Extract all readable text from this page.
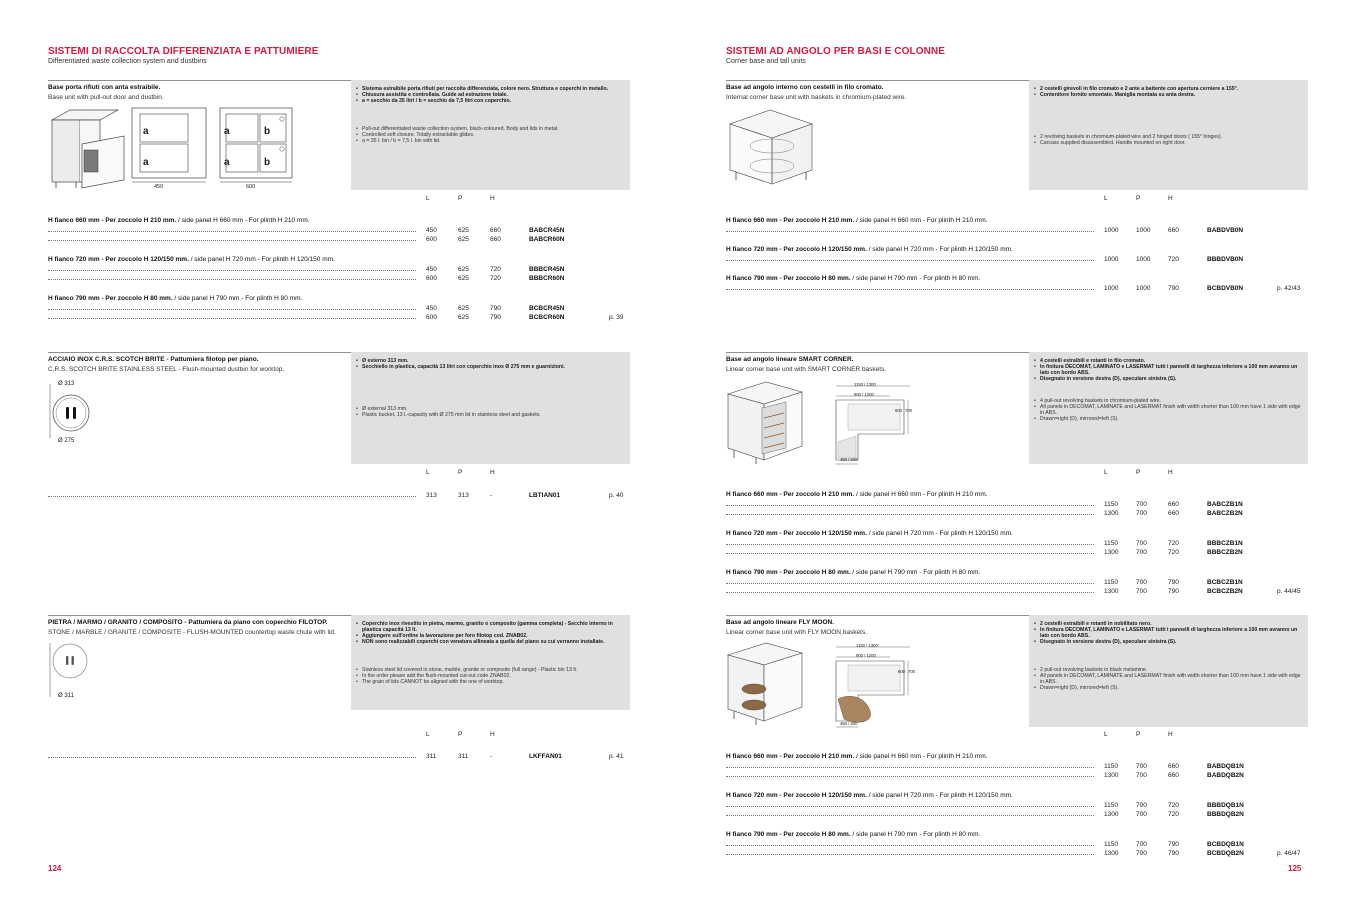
SISTEMI DI RACCOLTA DIFFERENZIATA E PATTUMIERE
Differentiated waste collection system and dustbins
Base porta rifiuti con anta estraibile.
Base unit with pull-out door and dustbin.
a
a
450
a	b
a	b
600
• Sistema estraibile porta rifiuti per raccolta differenziata, colore nero. Struttura e coperchi in metallo.
• Chiusura assistita e controllata. Guide ad estrazione totale.
• a = secchio da 35 litri / b = secchio da 7,5 litri con coperchio.
• Pull-out differentiated waste collection system, black-coloured. Body and lids in metal.
• Controlled soft closure. Totally extractable glides.
• a = 35 l. bin / b = 7,5 l. bin with lid.
L	P	H
H fianco 660 mm - Per zoccolo H 210 mm. / side panel H 660 mm - For plinth H 210 mm.
450	625	660	BABCR45N
600	625	660	BABCR60N
H fianco 720 mm - Per zoccolo H 120/150 mm. / side panel H 720 mm - For plinth H 120/150 mm.
450	625	720	BBBCR45N
600	625	720	BBBCR60N
H fianco 790 mm - Per zoccolo H 80 mm. / side panel H 790 mm - For plinth H 80 mm.
450	625	790	BCBCR45N
600	625	790	BCBCR60N	p. 39
ACCIAIO INOX C.R.S. SCOTCH BRITE - Pattumiera filotop per piano.
C.R.S. SCOTCH BRITE STAINLESS STEEL - Flush-mounted dustbin for worktop.
Ø 313
Ø 275
• Ø esterno 313 mm.
• Secchiello in plastica, capacità 13 litri con coperchio inox Ø 275 mm e guarnizioni.
• Ø external 313 mm.
• Plastic bucket, 13 l.-capacity with Ø 275 mm lid in stainless steel and gaskets.
L	P	H
313	313	-	LBTIAN01	p. 40
PIETRA / MARMO / GRANITO / COMPOSITO - Pattumiera da piano con coperchio FILOTOP.
STONE / MARBLE / GRANITE / COMPOSITE - FLUSH-MOUNTED countertop waste chute with lid.
Ø 311
• Coperchio inox rivestito in pietra, marmo, granito o composito (gamma completa) - Secchio interno in plastica capacità 13 lt.
• Aggiungere sull'ordine la lavorazione per foro filotop cod. ZNAB02.
• NON sono realizzabili coperchi con venatura allineata a quella del piano su cui verranno installate.
• Stainless steel lid covered in stone, marble, granite or composite (full range) - Plastic bin 13 lt.
• In the order please add the flush-mounted cut-out code ZNAB02.
• The grain of lids CANNOT be aligned with the one of worktop.
L	P	H
311	311	-	LKFFAN01	p. 41
124
SISTEMI AD ANGOLO PER BASI E COLONNE
Corner base and tall units
Base ad angolo interno con cestelli in filo cromato.
Internal corner base unit with baskets in chromium-plated wire.
• 2 cestelli girevoli in filo cromato e 2 ante a battente con apertura cerniere a 155°.
• Contenitore fornito smontato. Maniglia montata su anta destra.
• 2 revolving baskets in chromium-plated wire and 2 hinged doors ( 155° hinges).
• Carcass supplied disassembled. Handle mounted on right door.
L	P	H
H fianco 660 mm - Per zoccolo H 210 mm. / side panel H 660 mm - For plinth H 210 mm.
1000	1000	660	BABDVB0N
H fianco 720 mm - Per zoccolo H 120/150 mm. / side panel H 720 mm - For plinth H 120/150 mm.
1000	1000	720	BBBDVB0N
H fianco 790 mm - Per zoccolo H 80 mm. / side panel H 790 mm - For plinth H 80 mm.
1000	1000	790	BCBDVB0N	p. 42/43
Base ad angolo lineare SMART CORNER.
Linear corner base unit with SMART CORNER baskets.
1150 / 1300
900 / 1200
450 / 600
600 700
• 4 cestelli estraibili e rotanti in filo cromato.
• In finitura DECOMAT, LAMINATO e LASERMAT tutti i pannelli di larghezza inferiore a 100 mm avranno un lato con bordo ABS.
• Disegnato in versione destra (D), speculare sinistra (S).
• 4 pull-out revolving baskets in chromium-plated wire.
• All panels in DECOMAT, LAMINATE and LASERMAT finish with width shorter than 100 mm have 1 side with edge in ABS.
• Drawn=right (D), mirrored=left (S).
L	P	H
H fianco 660 mm - Per zoccolo H 210 mm. / side panel H 660 mm - For plinth H 210 mm.
1150	700	660	BABCZB1N
1300	700	660	BABCZB2N
H fianco 720 mm - Per zoccolo H 120/150 mm. / side panel H 720 mm - For plinth H 120/150 mm.
1150	700	720	BBBCZB1N
1300	700	720	BBBCZB2N
H fianco 790 mm - Per zoccolo H 80 mm. / side panel H 790 mm - For plinth H 80 mm.
1150	700	790	BCBCZB1N
1300	700	790	BCBCZB2N	p. 44/45
Base ad angolo lineare FLY MOON.
Linear corner base unit with FLY MOON baskets.
1150 / 1300
900 / 1200
450 / 600
600 700
• 2 cestelli estraibili e rotanti in nobilitato nero.
• In finitura DECOMAT, LAMINATO e LASERMAT tutti i pannelli di larghezza inferiore a 100 mm avranno un lato con bordo ABS.
• Disegnato in versione destra (D), speculare sinistra (S).
• 2 pull-out revolving baskets in black melamine.
• All panels in DECOMAT, LAMINATE and LASERMAT finish with width shorter than 100 mm have 1 side with edge in ABS.
• Drawn=right (D), mirrored=left (S).
L	P	H
H fianco 660 mm - Per zoccolo H 210 mm. / side panel H 660 mm - For plinth H 210 mm.
1150	700	660	BABDQB1N
1300	700	660	BABDQB2N
H fianco 720 mm - Per zoccolo H 120/150 mm. / side panel H 720 mm - For plinth H 120/150 mm.
1150	700	720	BBBDQB1N
1300	700	720	BBBDQB2N
H fianco 790 mm - Per zoccolo H 80 mm. / side panel H 790 mm - For plinth H 80 mm.
1150	700	790	BCBDQB1N
1300	700	790	BCBDQB2N	p. 46/47
125
